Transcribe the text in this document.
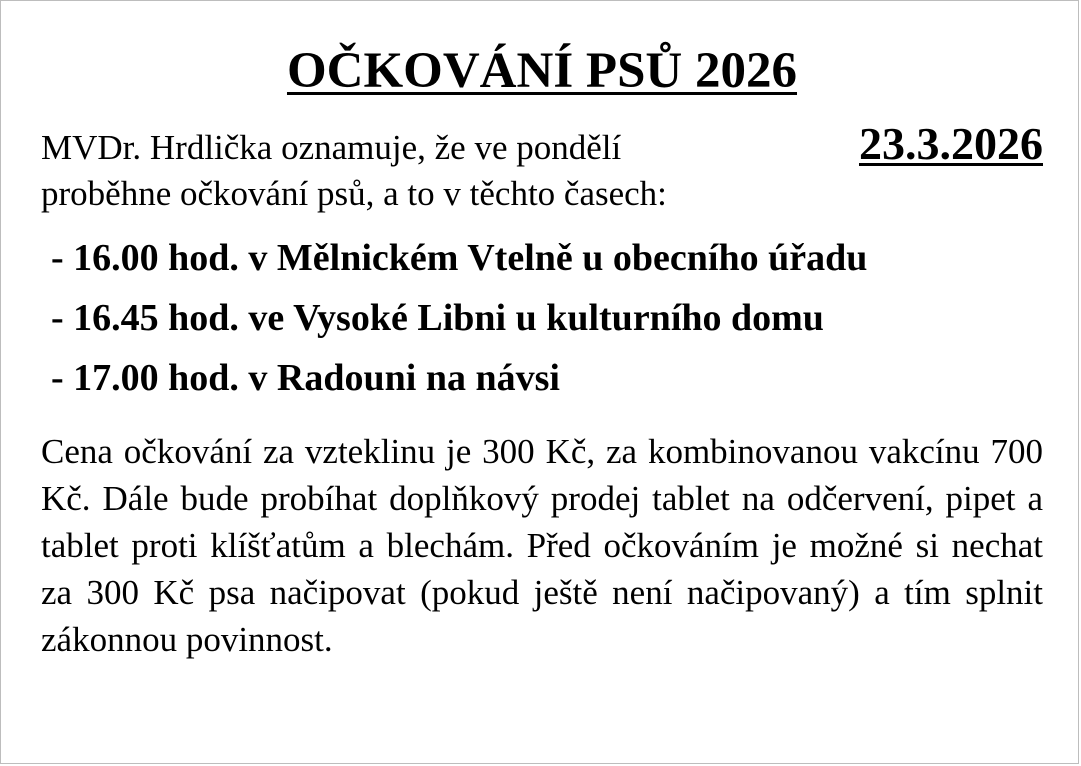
OČKOVÁNÍ PSŮ 2026
MVDr. Hrdlička oznamuje, že ve pondělí	23.3.2026
proběhne očkování psů, a to v těchto časech:
- 16.00 hod. v Mělnickém Vtelně u obecního úřadu
- 16.45 hod. ve Vysoké Libni u kulturního domu
- 17.00 hod. v Radouni na návsi

Cena očkování za vzteklinu je 300 Kč, za kombinovanou vakcínu 700 Kč. Dále bude probíhat doplňkový prodej tablet na odčervení, pipet a tablet proti klíšťatům a blechám. Před očkováním je možné si nechat za 300 Kč psa načipovat (pokud ještě není načipovaný) a tím splnit zákonnou povinnost.
